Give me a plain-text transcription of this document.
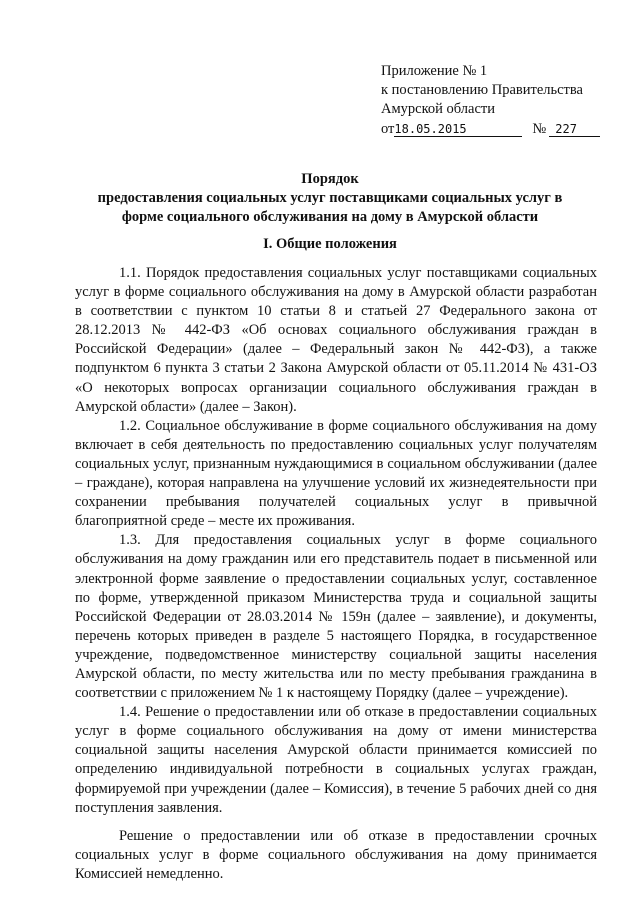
Приложение № 1
к постановлению Правительства
Амурской области
от18.05.2015	№ 227
Порядок
предоставления социальных услуг поставщиками социальных услуг в
форме социального обслуживания на дому в Амурской области
I. Общие положения

1.1. Порядок предоставления социальных услуг поставщиками социальных услуг в форме социального обслуживания на дому в Амурской области разработан в соответствии с пунктом 10 статьи 8 и статьей 27 Федерального закона от 28.12.2013 № 442-ФЗ «Об основах социального обслуживания граждан в Российской Федерации» (далее – Федеральный закон № 442-ФЗ), а также подпунктом 6 пункта 3 статьи 2 Закона Амурской области от 05.11.2014 № 431-ОЗ «О некоторых вопросах организации социального обслуживания граждан в Амурской области» (далее – Закон).

1.2. Социальное обслуживание в форме социального обслуживания на дому включает в себя деятельность по предоставлению социальных услуг получателям социальных услуг, признанным нуждающимися в социальном обслуживании (далее – граждане), которая направлена на улучшение условий их жизнедеятельности при сохранении пребывания получателей социальных услуг в привычной благоприятной среде – месте их проживания.

1.3. Для предоставления социальных услуг в форме социального обслуживания на дому гражданин или его представитель подает в письменной или электронной форме заявление о предоставлении социальных услуг, составленное по форме, утвержденной приказом Министерства труда и социальной защиты Российской Федерации от 28.03.2014 № 159н (далее – заявление), и документы, перечень которых приведен в разделе 5 настоящего Порядка, в государственное учреждение, подведомственное министерству социальной защиты населения Амурской области, по месту жительства или по месту пребывания гражданина в соответствии с приложением № 1 к настоящему Порядку (далее – учреждение).

1.4. Решение о предоставлении или об отказе в предоставлении социальных услуг в форме социального обслуживания на дому от имени министерства социальной защиты населения Амурской области принимается комиссией по определению индивидуальной потребности в социальных услугах граждан, формируемой при учреждении (далее – Комиссия), в течение 5 рабочих дней со дня поступления заявления.

Решение о предоставлении или об отказе в предоставлении срочных социальных услуг в форме социального обслуживания на дому принимается Комиссией немедленно.
